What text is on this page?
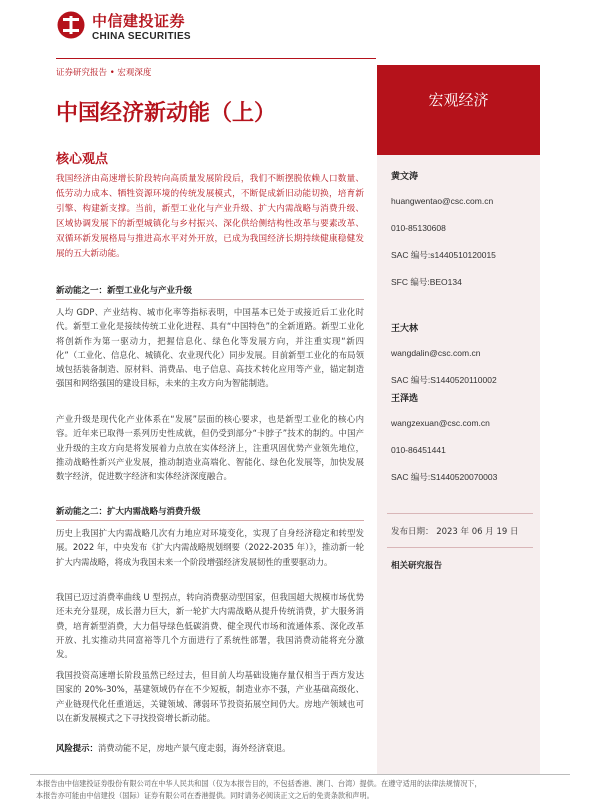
中信建投证券
CHINA SECURITIES
证券研究报告 • 宏观深度
宏观经济
中国经济新动能（上）
核心观点
我国经济由高速增长阶段转向高质量发展阶段后，我们不断摆脱依赖人口数量、低劳动力成本、牺牲资源环境的传统发展模式，不断促成新旧动能切换，培育新引擎、构建新支撑。当前，新型工业化与产业升级、扩大内需战略与消费升级、区域协调发展下的新型城镇化与乡村振兴、深化供给侧结构性改革与要素改革、双循环新发展格局与推进高水平对外开放，已成为我国经济长期持续健康稳健发展的五大新动能。
新动能之一：新型工业化与产业升级
人均 GDP、产业结构、城市化率等指标表明，中国基本已处于或接近后工业化时代。新型工业化是接续传统工业化进程、具有“中国特色”的全新道路。新型工业化将创新作为第一驱动力，把握信息化、绿色化等发展方向，并注重实现“新四化”（工业化、信息化、城镇化、农业现代化）同步发展。目前新型工业化的布局领域包括装备制造、原材料、消费品、电子信息、高技术转化应用等产业，锚定制造强国和网络强国的建设目标，未来的主攻方向为智能制造。
产业升级是现代化产业体系在“发展”层面的核心要求，也是新型工业化的核心内容。近年来已取得一系列历史性成就，但仍受到部分“卡脖子”技术的制约。中国产业升级的主攻方向是将发展着力点放在实体经济上，注重巩固优势产业领先地位，推动战略性新兴产业发展，推动制造业高端化、智能化、绿色化发展等，加快发展数字经济，促进数字经济和实体经济深度融合。
新动能之二：扩大内需战略与消费升级
历史上我国扩大内需战略几次有力地应对环境变化，实现了自身经济稳定和转型发展。2022 年，中央发布《扩大内需战略规划纲要（2022-2035 年）》，推动新一轮扩大内需战略，将成为我国未来一个阶段增强经济发展韧性的重要驱动力。
我国已迈过消费率曲线 U 型拐点，转向消费驱动型国家，但我国超大规模市场优势还未充分显现，成长潜力巨大，新一轮扩大内需战略从提升传统消费，扩大服务消费，培育新型消费，大力倡导绿色低碳消费、健全现代市场和流通体系、深化改革开放、扎实推动共同富裕等几个方面进行了系统性部署，我国消费动能将充分激发。
我国投资高速增长阶段虽然已经过去，但目前人均基础设施存量仅相当于西方发达国家的 20%-30%，基建领域仍存在不少短板，制造业亦不强，产业基础高级化、产业链现代化任重道远，关键领域、薄弱环节投资拓展空间仍大。房地产领域也可以在新发展模式之下寻找投资增长新动能。
风险提示：消费动能不足，房地产景气度走弱，海外经济衰退。
黄文涛
huangwentao@csc.com.cn
010-85130608
SAC 编号:s1440510120015
SFC 编号:BEO134
王大林
wangdalin@csc.com.cn
SAC 编号:S1440520110002
王泽选
wangzexuan@csc.com.cn
010-86451441
SAC 编号:S1440520070003
发布日期： 2023 年 06 月 19 日
相关研究报告
本报告由中信建投证券股份有限公司在中华人民共和国（仅为本报告目的，不包括香港、澳门、台湾）提供。在遵守适用的法律法规情况下，
本报告亦可能由中信建投（国际）证券有限公司在香港提供。同时请务必阅读正文之后的免责条款和声明。
